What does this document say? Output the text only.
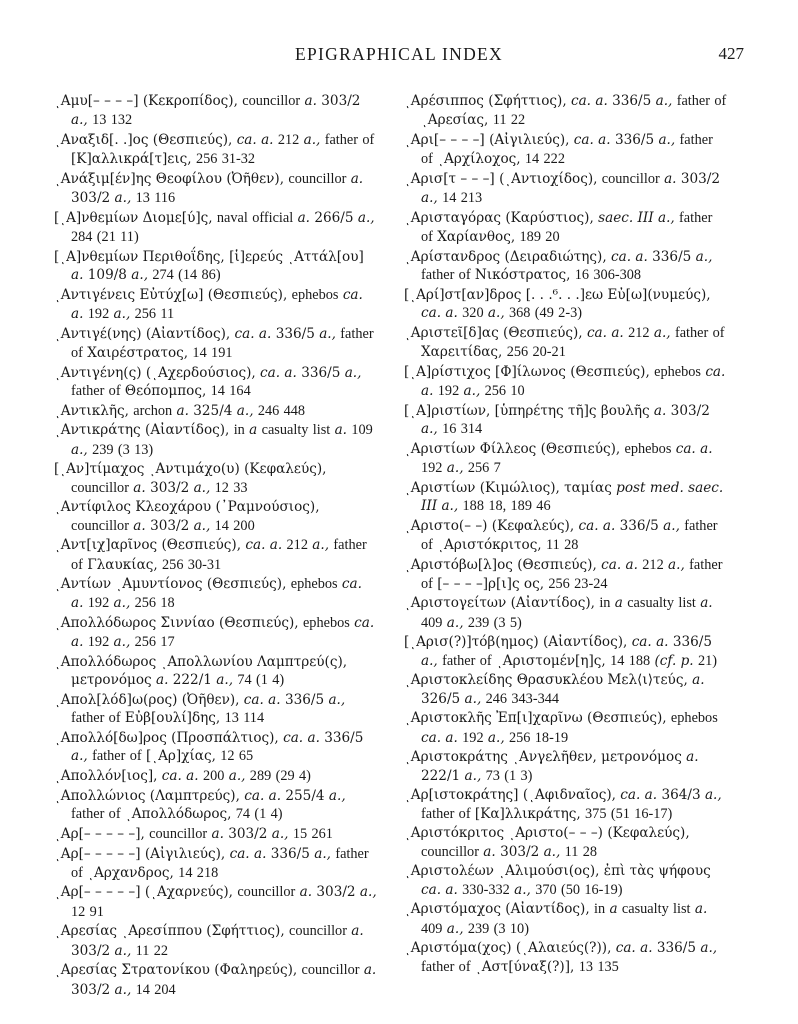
EPIGRAPHICAL INDEX	427
ιAμυ[– – – –] (Κεκροπίδος), councillor a. 303/2 a., 13 132
ιAναξιδ[. .]ος (Θεσπιεύς), ca. a. 212 a., father of [Κ]αλλικρά[τ]εις, 256 31-32
ιAνάξιμ[έν]ης Θεοφίλου (Ὀῆθεν), councillor a. 303/2 a., 13 116
[ιA]νθεμίων Διομε[ύ]ς, naval official a. 266/5 a., 284 (21 11)
[ιA]νθεμίων Περιθοΐδης, [ἱ]ερεύς ιAττάλ[ου] a. 109/8 a., 274 (14 86)
ιAντιγένεις Εὐτύχ[ω] (Θεσπιεύς), ephebos ca. a. 192 a., 256 11
ιAντιγέ(νης) (Αἰαντίδος), ca. a. 336/5 a., father of Χαιρέστρατος, 14 191
ιAντιγένη(ς) (ιAχερδούσιος), ca. a. 336/5 a., father of Θεόπομπος, 14 164
ιAντικλῆς, archon a. 325/4 a., 246 448
ιAντικράτης (Αἰαντίδος), in a casualty list a. 109 a., 239 (3 13)
[ιAν]τίμαχος ιAντιμάχο(υ) (Κεφαλεύς), councillor a. 303/2 a., 12 33
ιAντίφιλος Κλεοχάρου (᾿Pαμνούσιος), councillor a. 303/2 a., 14 200
ιAντ[ιχ]αρῖνος (Θεσπιεύς), ca. a. 212 a., father of Γλαυκίας, 256 30-31
ιAντίων ιAμυντίονος (Θεσπιεύς), ephebos ca. a. 192 a., 256 18
ιAπολλόδωρος Σιννίαο (Θεσπιεύς), ephebos ca. a. 192 a., 256 17
ιAπολλόδωρος ιAπολλωνίου Λαμπτρεύ(ς), μετρονόμος a. 222/1 a., 74 (1 4)
ιAπολ[λόδ]ω(ρος) (Ὀῆθεν), ca. a. 336/5 a., father of Εὐβ[ουλί]δης, 13 114
ιAπολλό[δω]ρος (Προσπάλτιος), ca. a. 336/5 a., father of [ιAρ]χίας, 12 65
ιAπολλόν[ιος], ca. a. 200 a., 289 (29 4)
ιAπολλώνιος (Λαμπτρεύς), ca. a. 255/4 a., father of ιAπολλόδωρος, 74 (1 4)
ιAρ[– – – – –], councillor a. 303/2 a., 15 261
ιAρ[– – – – –] (Αἰγιλιεύς), ca. a. 336/5 a., father of ιAρχανδρος, 14 218
ιAρ[– – – – –] (ιAχαρνεύς), councillor a. 303/2 a., 12 91
ιAρεσίας ιAρεσίππου (Σφήττιος), councillor a. 303/2 a., 11 22
ιAρεσίας Στρατονίκου (Φαληρεύς), councillor a. 303/2 a., 14 204
ιAρέσιππος (Σφήττιος), ca. a. 336/5 a., father of ιAρεσίας, 11 22
ιAρι[– – – –] (Αἰγιλιεύς), ca. a. 336/5 a., father of ιAρχίλοχος, 14 222
ιAρισ[τ – – –] (ιAντιοχίδος), councillor a. 303/2 a., 14 213
ιAρισταγόρας (Καρύστιος), saec. III a., father of Χαρίανθος, 189 20
ιAρίστανδρος (Δειραδιώτης), ca. a. 336/5 a., father of Νικόστρατος, 16 306-308
[ιAρί]στ[αν]δρος [. . .⁶. . .]εω Εὐ[ω](νυμεύς), ca. a. 320 a., 368 (49 2-3)
ιAριστεῖ[δ]ας (Θεσπιεύς), ca. a. 212 a., father of Χαρειτίδας, 256 20-21
[ιA]ρίστιχος [Φ]ίλωνος (Θεσπιεύς), ephebos ca. a. 192 a., 256 10
[ιA]ριστίων, [ὑπηρέτης τῆ]ς βουλῆς a. 303/2 a., 16 314
ιAριστίων Φίλλεος (Θεσπιεύς), ephebos ca. a. 192 a., 256 7
ιAριστίων (Κιμώλιος), ταμίας post med. saec. III a., 188 18, 189 46
ιAριστο(– –) (Κεφαλεύς), ca. a. 336/5 a., father of ιAριστόκριτος, 11 28
ιAριστόβω[λ]ος (Θεσπιεύς), ca. a. 212 a., father of [– – – –]ρ[ι]ς oς, 256 23-24
ιAριστογείτων (Αἰαντίδος), in a casualty list a. 409 a., 239 (3 5)
[ιAρισ(?)]τόβ(ημος) (Αἰαντίδος), ca. a. 336/5 a., father of ιAριστομέν[η]ς, 14 188 (cf. p. 21)
ιAριστοκλείδης Θρασυκλέου Μελ⟨ι⟩τεύς, a. 326/5 a., 246 343-344
ιAριστοκλῆς Ἐπ[ι]χαρῖνω (Θεσπιεύς), ephebos ca. a. 192 a., 256 18-19
ιAριστοκράτης ιAνγελῆθεν, μετρονόμος a. 222/1 a., 73 (1 3)
ιAρ[ιστοκράτης] (ιAφιδναῖος), ca. a. 364/3 a., father of [Κα]λλικράτης, 375 (51 16-17)
ιAριστόκριτος ιAριστο(– – –) (Κεφαλεύς), councillor a. 303/2 a., 11 28
ιAριστολέων ιAλιμούσι(ος), ἐπὶ τὰς ψήφους ca. a. 330-332 a., 370 (50 16-19)
ιAριστόμαχος (Αἰαντίδος), in a casualty list a. 409 a., 239 (3 10)
ιAριστόμα(χος) (ιAλαιεύς(?)), ca. a. 336/5 a., father of ιAστ[ύναξ(?)], 13 135
